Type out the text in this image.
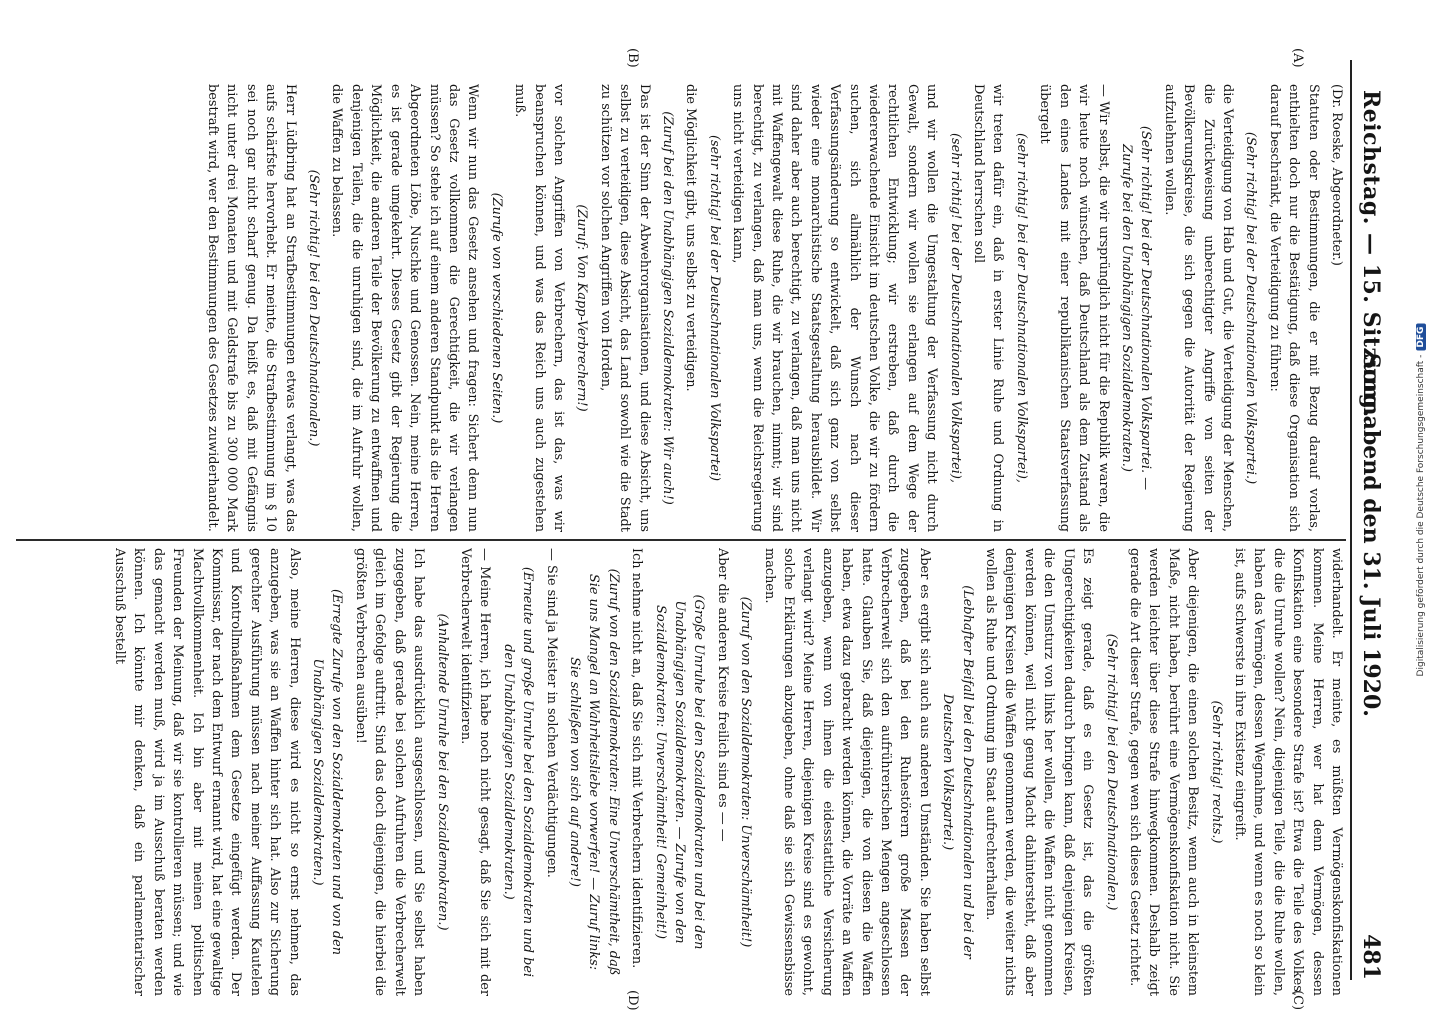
Reichstag. — 15. Sitzung.
Sonnabend den 31. Juli 1920.
481

(Dr. Roeske, Abgeordneter.)

Statuten oder Bestimmungen, die er mit Bezug darauf vorlas, enthielten doch nur die Bestätigung, daß diese Organisation sich darauf beschränkt, die Verteidigung zu führen:

(Sehr richtig! bei der Deutschnationalen Volkspartei.)

die Verteidigung von Hab und Gut, die Verteidigung der Menschen, die Zurückweisung unberechtigter Angriffe von seiten der Bevölkerungskreise, die sich gegen die Autorität der Regierung aufzulehnen wollen.

(Sehr richtig! bei der Deutschnationalen Volkspartei. — Zurufe bei den Unabhängigen Sozialdemokraten.)

— Wir selbst, die wir ursprünglich nicht für die Republik waren, die wir heute noch wünschen, daß Deutschland als dem Zustand als den eines Landes mit einer republikanischen Staatsverfassung übergeht

(sehr richtig! bei der Deutschnationalen Volkspartei),

wir treten dafür ein, daß in erster Linie Ruhe und Ordnung in Deutschland herrschen soll

(sehr richtig! bei der Deutschnationalen Volkspartei),

und wir wollen die Umgestaltung der Verfassung nicht durch Gewalt, sondern wir wollen sie erlangen auf dem Wege der rechtlichen Entwicklung; wir erstreben, daß durch die wiedererwachende Einsicht im deutschen Volke, die wir zu fördern suchen, sich allmählich der Wunsch nach dieser Verfassungsänderung so entwickelt, daß sich ganz von selbst wieder eine monarchistische Staatsgestaltung herausbildet. Wir sind daher aber auch berechtigt, zu verlangen, daß man uns nicht mit Waffengewalt diese Ruhe, die wir brauchen, nimmt; wir sind berechtigt, zu verlangen, daß man uns, wenn die Reichsregierung uns nicht verteidigen kann,

(sehr richtig! bei der Deutschnationalen Volkspartei)

die Möglichkeit gibt, uns selbst zu verteidigen.

(Zuruf bei den Unabhängigen Sozialdemokraten: Wir auch!)

Das ist der Sinn der Abwehrorganisationen, und diese Absicht, uns selbst zu verteidigen, diese Absicht, das Land sowohl wie die Stadt zu schützen vor solchen Angriffen von Horden,

(Zuruf: Von Kapp-Verbrechern!)

vor solchen Angriffen von Verbrechern, das ist das, was wir beanspruchen können, und was das Reich uns auch zugestehen muß.

(Zurufe von verschiedenen Seiten.)

Wenn wir nun das Gesetz ansehen und fragen: Sichert denn nun das Gesetz vollkommen die Gerechtigkeit, die wir verlangen müssen? So stehe ich auf einem anderen Standpunkt als die Herren Abgeordneten Löbe, Nuschke und Genossen. Nein, meine Herren, es ist gerade umgekehrt. Dieses Gesetz gibt der Regierung die Möglichkeit, die anderen Teile der Bevölkerung zu entwaffnen und denjenigen Teilen, die die unruhigen sind, die im Aufruhr wollen, die Waffen zu belassen.

(Sehr richtig! bei den Deutschnationalen.)

Herr Lüdbring hat an Strafbestimmungen etwas verlangt, was das aufs schärfste hervorhebt. Er meinte, die Strafbestimmung im § 10 sei noch gar nicht scharf genug. Da heißt es, daß mit Gefängnis nicht unter drei Monaten und mit Geldstrafe bis zu 300 000 Mark bestraft wird, wer den Bestimmungen des Gesetzes zuwiderhandelt.

widerhandelt. Er meinte, es müßten Vermögenskonfiskationen kommen. Meine Herren, wer hat denn Vermögen, dessen Konfiskation eine besondere Strafe ist? Etwa die Teile des Volkes, die die Unruhe wollen? Nein, diejenigen Teile, die die Ruhe wollen, haben das Vermögen, dessen Wegnahme, und wenn es noch so klein ist, aufs schwerste in ihre Existenz eingreift.

(Sehr richtig! rechts.)

Aber diejenigen, die einen solchen Besitz, wenn auch in kleinstem Maße, nicht haben, berührt eine Vermögenskonfiskation nicht. Sie werden leichter über diese Strafe hinwegkommen. Deshalb zeigt gerade die Art dieser Strafe, gegen wen sich dieses Gesetz richtet.

(Sehr richtig! bei den Deutschnationalen.)

Es zeigt gerade, daß es ein Gesetz ist, das die größten Ungerechtigkeiten dadurch bringen kann, daß denjenigen Kreisen, die den Umsturz von links her wollen, die Waffen nicht genommen werden können, weil nicht genug Macht dahintersteht, daß aber denjenigen Kreisen die Waffen genommen werden, die weiter nichts wollen als Ruhe und Ordnung im Staat aufrechterhalten.

(Lebhafter Beifall bei den Deutschnationalen und bei der Deutschen Volkspartei.)

Aber es ergibt sich auch aus anderen Umständen. Sie haben selbst zugegeben, daß bei den Ruhestörern große Massen der Verbrecherwelt sich den aufrührerischen Mengen angeschlossen hatte. Glauben Sie, daß diejenigen, die von diesen die Waffen haben, etwa dazu gebracht werden können, die Vorräte an Waffen anzugeben, wenn von ihnen die eidesstattliche Versicherung verlangt wird? Meine Herren, diejenigen Kreise sind es gewohnt, solche Erklärungen abzugeben, ohne daß sie sich Gewissensbisse machen.

(Zuruf von den Sozialdemokraten: Unverschämtheit!)

Aber die anderen Kreise freilich sind es — —

(Große Unruhe bei den Sozialdemokraten und bei den Unabhängigen Sozialdemokraten. — Zurufe von den Sozialdemokraten: Unverschämtheit! Gemeinheit!)

Ich nehme nicht an, daß Sie sich mit Verbrechern identifizieren.

(Zuruf von den Sozialdemokraten: Eine Unverschämtheit, daß Sie uns Mangel an Wahrheitsliebe vorwerfen! — Zuruf links: Sie schließen von sich auf andere!)

— Sie sind ja Meister in solchen Verdächtigungen.

(Erneute und große Unruhe bei den Sozialdemokraten und bei den Unabhängigen Sozialdemokraten.)

— Meine Herren, ich habe noch nicht gesagt, daß Sie sich mit der Verbrecherwelt identifizieren.

(Anhaltende Unruhe bei den Sozialdemokraten.)

Ich habe das ausdrücklich ausgeschlossen, und Sie selbst haben zugegeben, daß gerade bei solchen Aufruhren die Verbrecherwelt gleich im Gefolge auftritt. Sind das doch diejenigen, die hierbei die größten Verbrechen ausüben!

(Erregte Zurufe von den Sozialdemokraten und von den Unabhängigen Sozialdemokraten.)

Also, meine Herren, diese wird es nicht so ernst nehmen, das anzugeben, was sie an Waffen hinter sich hat. Also zur Sicherung gerechter Ausführung müssen nach meiner Auffassung Kautelen und Kontrollmaßnahmen dem Gesetze eingefügt werden. Der Kommissar, der nach dem Entwurf ernannt wird, hat eine gewaltige Machtvollkommenheit. Ich bin aber mit meinen politischen Freunden der Meinung, daß wir sie kontrollieren müssen; und wie das gemacht werden muß, wird ja im Ausschuß beraten werden können. Ich könnte mir denken, daß ein parlamentarischer Ausschuß bestellt

(A)
(B)
(C)
(D)
Digitalisierung gefördert durch die Deutsche Forschungsgemeinschaft -DFG
